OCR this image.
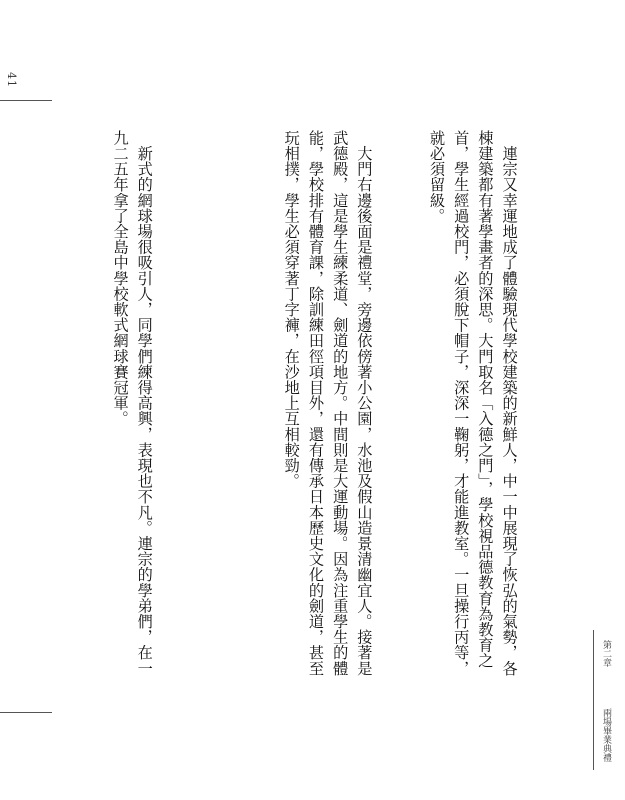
41
第二章
兩場畢業典禮

　連宗又幸運地成了體驗現代學校建築的新鮮人，中一中展現了恢弘的氣勢，各棟建築都有著學畫者的深思。大門取名「入德之門」，學校視品德教育為教育之首，學生經過校門，必須脫下帽子，深深一鞠躬，才能進教室。一旦操行丙等，就必須留級。

　大門右邊後面是禮堂，旁邊依傍著小公園，水池及假山造景清幽宜人。接著是武德殿，這是學生練柔道、劍道的地方。中間則是大運動場。因為注重學生的體能，學校排有體育課，除訓練田徑項目外，還有傳承日本歷史文化的劍道，甚至玩相撲，學生必須穿著丁字褲，在沙地上互相較勁。

　新式的網球場很吸引人，同學們練得高興，表現也不凡。連宗的學弟們，在一九二五年拿了全島中學校軟式網球賽冠軍。
